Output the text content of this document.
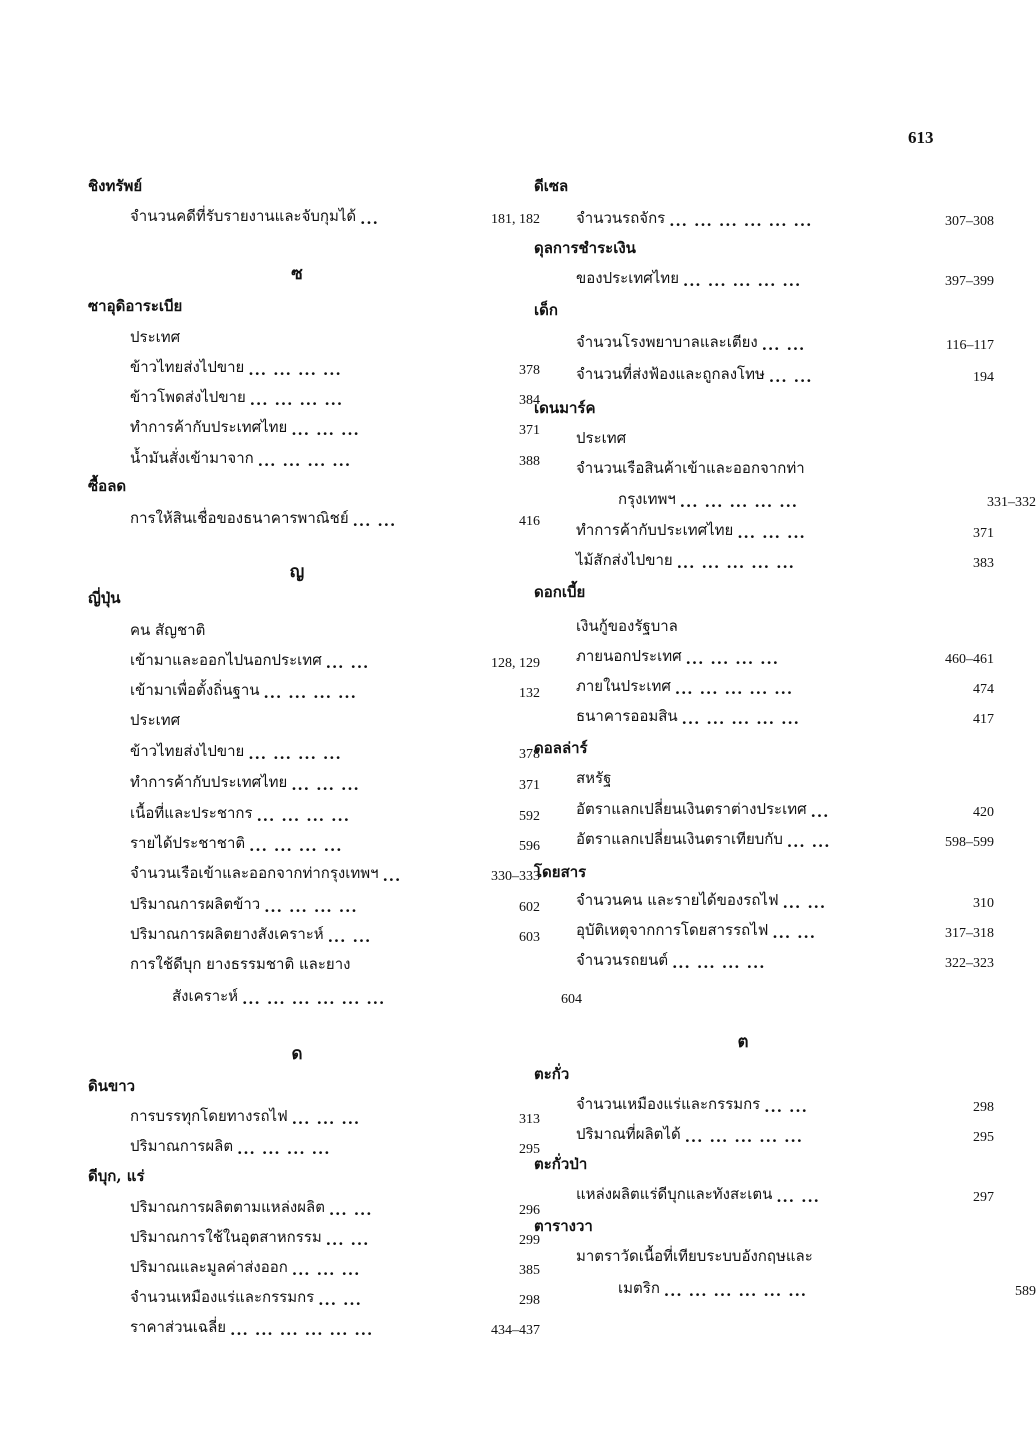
613
ชิงทรัพย์
จำนวนคดีที่รับรายงานและจับกุมได้ ...	181, 182
ซ
ซาอุดิอาระเบีย
ประเทศ
ข้าวไทยส่งไปขาย ... ... ... ...	378
ข้าวโพดส่งไปขาย ... ... ... ...	384
ทำการค้ากับประเทศไทย ... ... ...	371
น้ำมันสั่งเข้ามาจาก ... ... ... ...	388
ซื้อลด
การให้สินเชื่อของธนาคารพาณิชย์ ... ...	416
ญ
ญี่ปุ่น
คน สัญชาติ
เข้ามาและออกไปนอกประเทศ ... ...	128, 129
เข้ามาเพื่อตั้งถิ่นฐาน ... ... ... ...	132
ประเทศ
ข้าวไทยส่งไปขาย ... ... ... ...	378
ทำการค้ากับประเทศไทย ... ... ...	371
เนื้อที่และประชากร ... ... ... ...	592
รายได้ประชาชาติ ... ... ... ...	596
จำนวนเรือเข้าและออกจากท่ากรุงเทพฯ ...	330–333
ปริมาณการผลิตข้าว ... ... ... ...	602
ปริมาณการผลิตยางสังเคราะห์ ... ...	603
การใช้ดีบุก ยางธรรมชาติ และยาง
สังเคราะห์ ... ... ... ... ... ...	604
ด
ดินขาว
การบรรทุกโดยทางรถไฟ ... ... ...	313
ปริมาณการผลิต ... ... ... ...	295
ดีบุก, แร่
ปริมาณการผลิตตามแหล่งผลิต ... ...	296
ปริมาณการใช้ในอุตสาหกรรม ... ...	299
ปริมาณและมูลค่าส่งออก ... ... ...	385
จำนวนเหมืองแร่และกรรมกร ... ...	298
ราคาส่วนเฉลี่ย ... ... ... ... ... ...	434–437
ดีเซล
จำนวนรถจักร ... ... ... ... ... ...	307–308
ดุลการชำระเงิน
ของประเทศไทย ... ... ... ... ...	397–399
เด็ก
จำนวนโรงพยาบาลและเตียง ... ...	116–117
จำนวนที่ส่งฟ้องและถูกลงโทษ ... ...	194
เดนมาร์ค
ประเทศ
จำนวนเรือสินค้าเข้าและออกจากท่า
กรุงเทพฯ ... ... ... ... ...	331–332
ทำการค้ากับประเทศไทย ... ... ...	371
ไม้สักส่งไปขาย ... ... ... ... ...	383
ดอกเบี้ย
เงินกู้ของรัฐบาล
ภายนอกประเทศ ... ... ... ...	460–461
ภายในประเทศ ... ... ... ... ...	474
ธนาคารออมสิน ... ... ... ... ...	417
ดอลล่าร์
สหรัฐ
อัตราแลกเปลี่ยนเงินตราต่างประเทศ ...	420
อัตราแลกเปลี่ยนเงินตราเทียบกับ ... ...	598–599
โดยสาร
จำนวนคน และรายได้ของรถไฟ ... ...	310
อุบัติเหตุจากการโดยสารรถไฟ ... ...	317–318
จำนวนรถยนต์ ... ... ... ...	322–323
ต
ตะกั่ว
จำนวนเหมืองแร่และกรรมกร ... ...	298
ปริมาณที่ผลิตได้ ... ... ... ... ...	295
ตะกั่วป่า
แหล่งผลิตแร่ดีบุกและทังสะเตน ... ...	297
ตารางวา
มาตราวัดเนื้อที่เทียบระบบอังกฤษและ
เมตริก ... ... ... ... ... ...	589
